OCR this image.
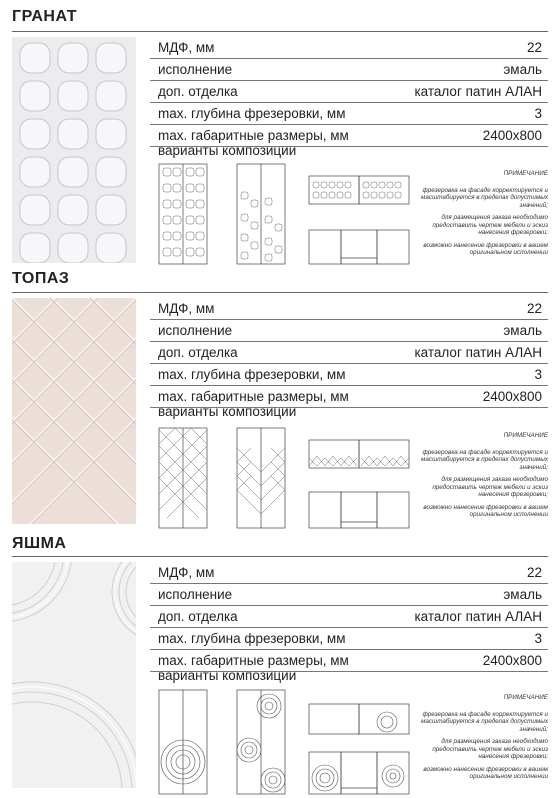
ГРАНАТ
МДФ, мм	22
исполнение	эмаль
доп. отделка	каталог патин АЛАН
max. глубина фрезеровки, мм	3
max. габаритные размеры, мм	2400x800
варианты композиции

ПРИМЕЧАНИЕ

фрезеровка на фасаде корректируется и масштабируется в пределах допустимых значений;

для размещения заказа необходимо предоставить чертеж мебели и эскиз нанесения фрезеровки;

возможно нанесение фрезеровки в вашем оригинальном исполнении

ТОПАЗ
МДФ, мм	22
исполнение	эмаль
доп. отделка	каталог патин АЛАН
max. глубина фрезеровки, мм	3
max. габаритные размеры, мм	2400x800
варианты композиции

ПРИМЕЧАНИЕ

фрезеровка на фасаде корректируется и масштабируется в пределах допустимых значений;

для размещения заказа необходимо предоставить чертеж мебели и эскиз нанесения фрезеровки;

возможно нанесение фрезеровки в вашем оригинальном исполнении

ЯШМА
МДФ, мм	22
исполнение	эмаль
доп. отделка	каталог патин АЛАН
max. глубина фрезеровки, мм	3
max. габаритные размеры, мм	2400x800
варианты композиции

ПРИМЕЧАНИЕ

фрезеровка на фасаде корректируется и масштабируется в пределах допустимых значений;

для размещения заказа необходимо предоставить чертеж мебели и эскиз нанесения фрезеровки;

возможно нанесение фрезеровки в вашем оригинальном исполнении
